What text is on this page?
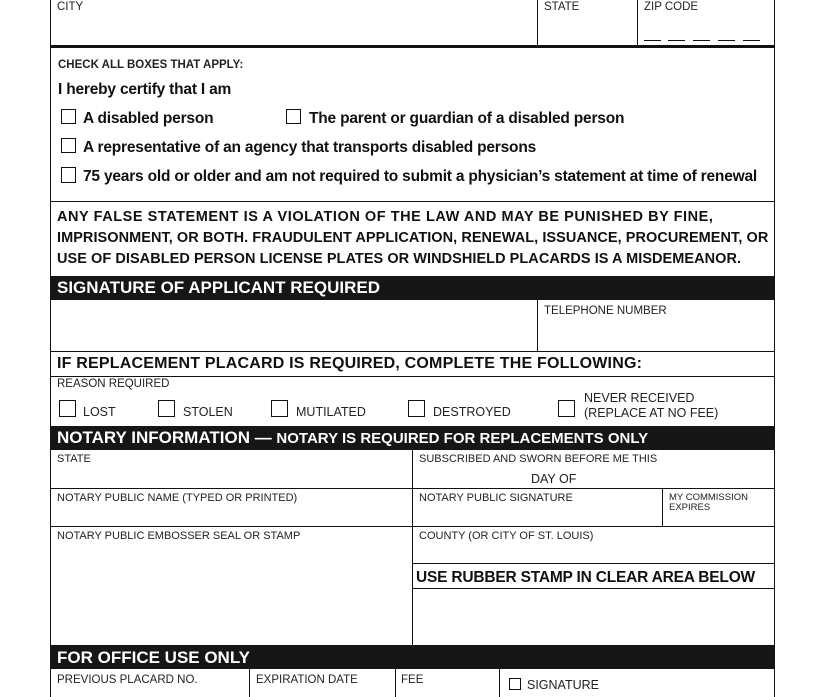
CITY	STATE	ZIP CODE
CHECK ALL BOXES THAT APPLY:
I hereby certify that I am
A disabled person	The parent or guardian of a disabled person
A representative of an agency that transports disabled persons
75 years old or older and am not required to submit a physician’s statement at time of renewal
ANY FALSE STATEMENT IS A VIOLATION OF THE LAW AND MAY BE PUNISHED BY FINE,
IMPRISONMENT, OR BOTH. FRAUDULENT APPLICATION, RENEWAL, ISSUANCE, PROCUREMENT, OR
USE OF DISABLED PERSON LICENSE PLATES OR WINDSHIELD PLACARDS IS A MISDEMEANOR.
SIGNATURE OF APPLICANT REQUIRED
TELEPHONE NUMBER
IF REPLACEMENT PLACARD IS REQUIRED, COMPLETE THE FOLLOWING:
REASON REQUIRED
LOST	STOLEN	MUTILATED	DESTROYED
NEVER RECEIVED
(REPLACE AT NO FEE)
NOTARY INFORMATION — NOTARY IS REQUIRED FOR REPLACEMENTS ONLY
STATE	SUBSCRIBED AND SWORN BEFORE ME THIS
DAY OF
NOTARY PUBLIC NAME (TYPED OR PRINTED)	NOTARY PUBLIC SIGNATURE	MY COMMISSION
EXPIRES
NOTARY PUBLIC EMBOSSER SEAL OR STAMP	COUNTY (OR CITY OF ST. LOUIS)
USE RUBBER STAMP IN CLEAR AREA BELOW
FOR OFFICE USE ONLY
PREVIOUS PLACARD NO.	EXPIRATION DATE	FEE	SIGNATURE
